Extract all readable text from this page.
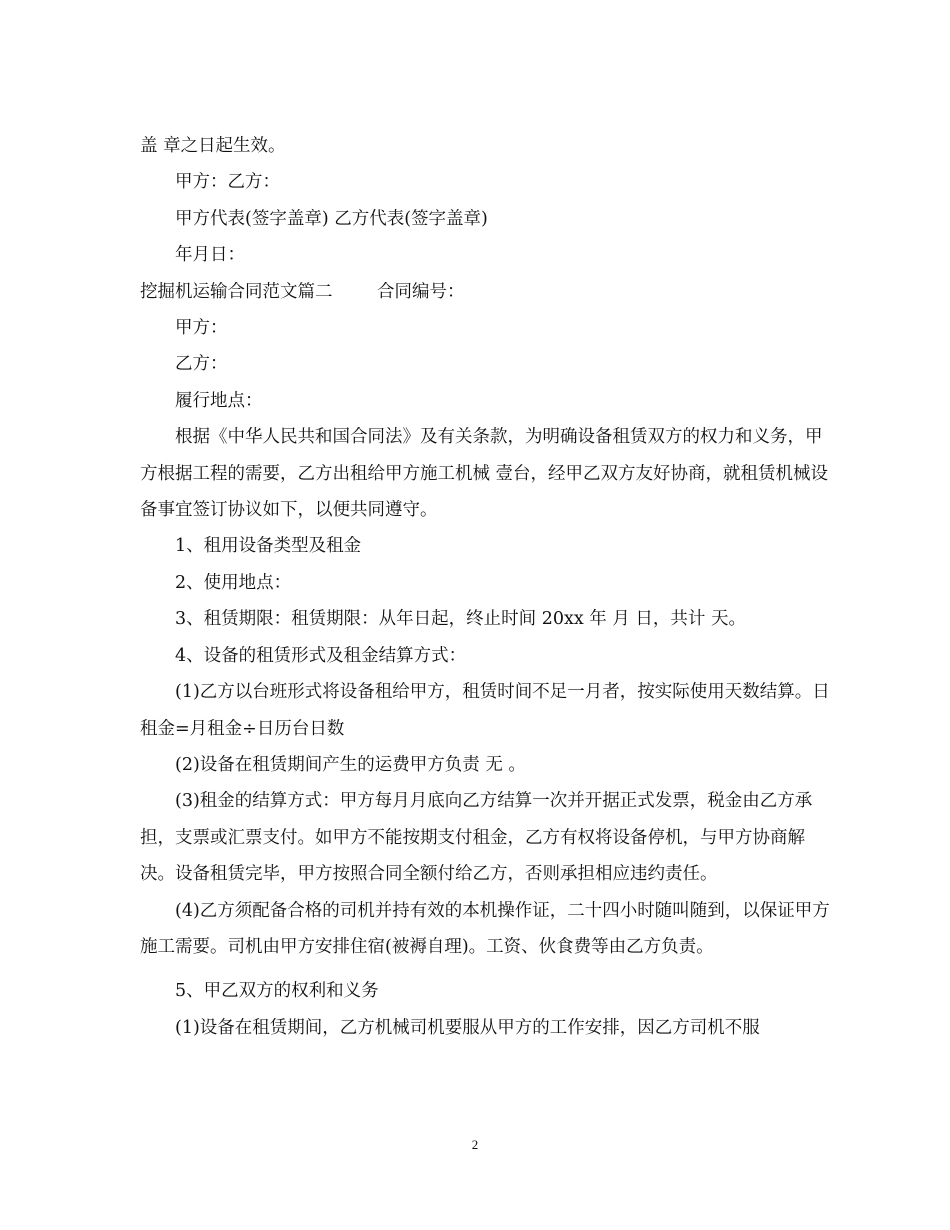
盖 章之日起生效。

甲方：乙方：

甲方代表(签字盖章) 乙方代表(签字盖章)

年月日：

挖掘机运输合同范文篇二        合同编号：

甲方：

乙方：

履行地点：

根据《中华人民共和国合同法》及有关条款，为明确设备租赁双方的权力和义务，甲方根据工程的需要，乙方出租给甲方施工机械 壹台，经甲乙双方友好协商，就租赁机械设备事宜签订协议如下，以便共同遵守。

1、租用设备类型及租金

2、使用地点：

3、租赁期限：租赁期限：从年日起，终止时间 20xx 年 月 日，共计 天。

4、设备的租赁形式及租金结算方式：

(1)乙方以台班形式将设备租给甲方，租赁时间不足一月者，按实际使用天数结算。日租金=月租金÷日历台日数

(2)设备在租赁期间产生的运费甲方负责 无 。

(3)租金的结算方式：甲方每月月底向乙方结算一次并开据正式发票，税金由乙方承担，支票或汇票支付。如甲方不能按期支付租金，乙方有权将设备停机，与甲方协商解决。设备租赁完毕，甲方按照合同全额付给乙方，否则承担相应违约责任。

(4)乙方须配备合格的司机并持有效的本机操作证，二十四小时随叫随到，以保证甲方施工需要。司机由甲方安排住宿(被褥自理)。工资、伙食费等由乙方负责。

5、甲乙双方的权利和义务

(1)设备在租赁期间，乙方机械司机要服从甲方的工作安排，因乙方司机不服

2
